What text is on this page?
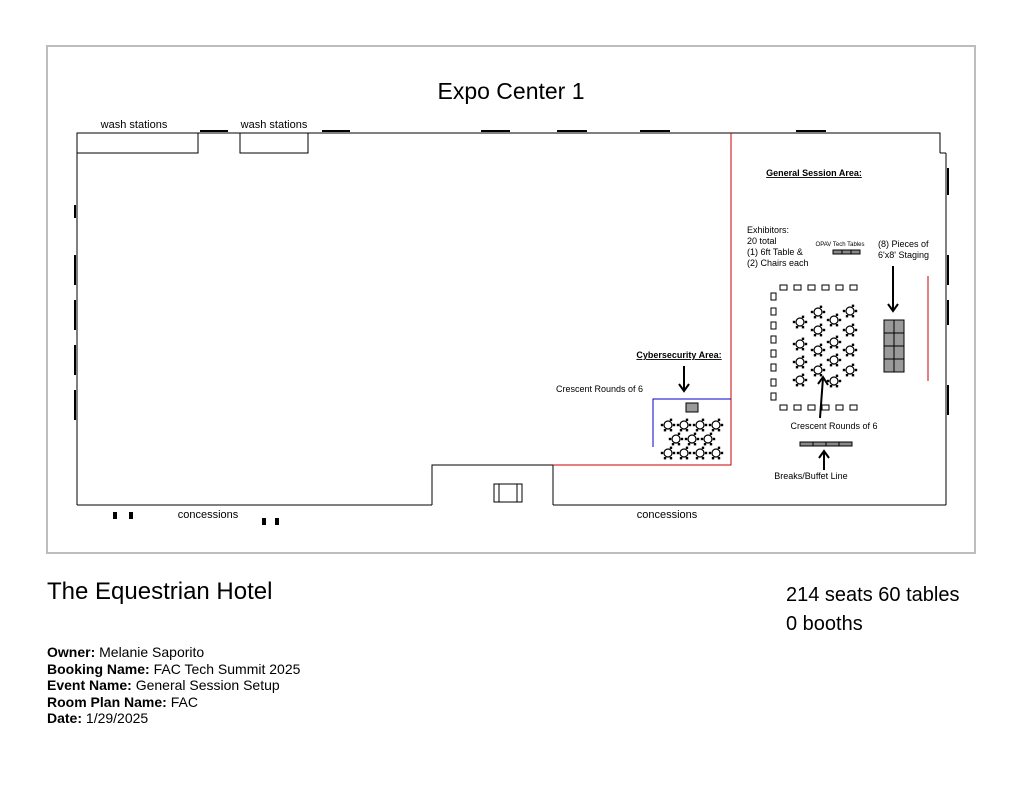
Expo Center 1
wash stations	wash stations
concessions	concessions
General Session Area:
Exhibitors:
20 total
(1) 6ft Table &
(2) Chairs each
OPAV Tech Tables (8) Pieces of
6'x8' Staging
Cybersecurity Area:
Crescent Rounds of 6
Crescent Rounds of 6
Breaks/Buffet Line
The Equestrian Hotel	214 seats 60 tables
0 booths
Owner: Melanie Saporito
Booking Name: FAC Tech Summit 2025
Event Name: General Session Setup
Room Plan Name: FAC
Date: 1/29/2025
